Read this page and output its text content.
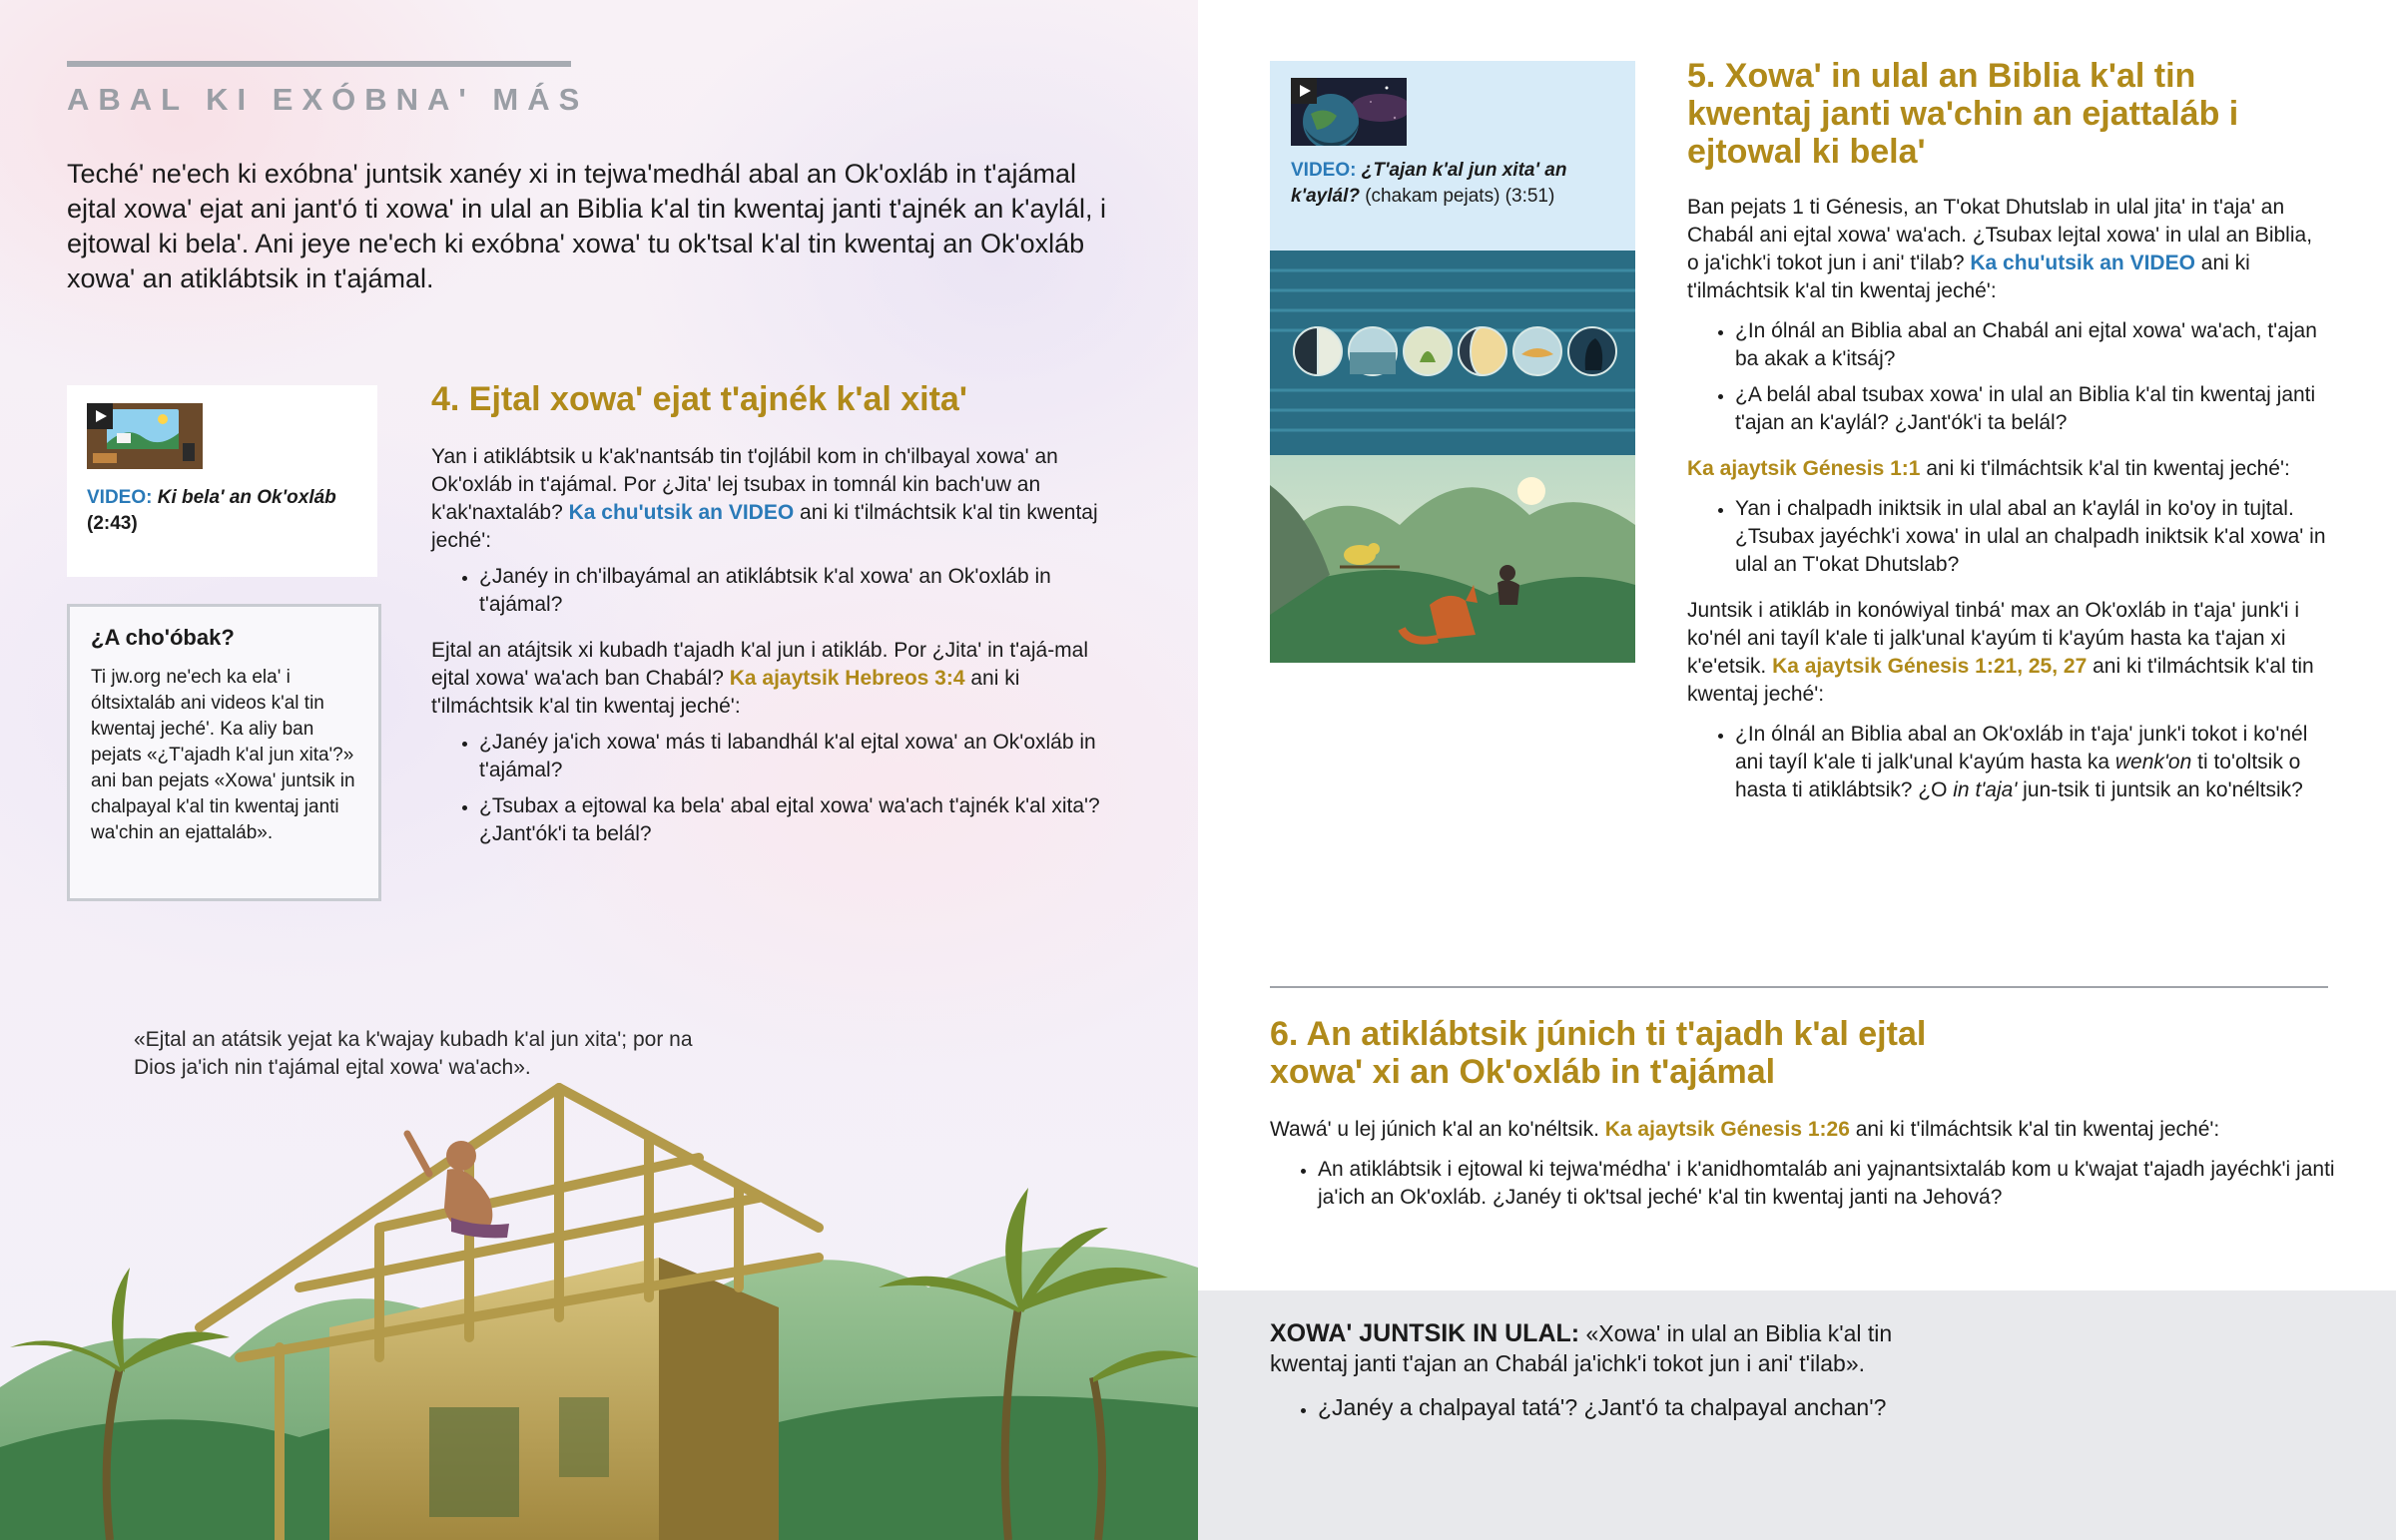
ABAL KI EXÓBNA' MÁS
Teché' ne'ech ki exóbna' juntsik xanéy xi in tejwa'medhál abal an Ok'oxláb in t'ajámal ejtal xowa' ejat ani jant'ó ti xowa' in ulal an Biblia k'al tin kwentaj janti t'ajnék an k'aylál, i ejtowal ki bela'. Ani jeye ne'ech ki exóbna' xowa' tu ok'tsal k'al tin kwentaj an Ok'oxláb xowa' an atiklábtsik in t'ajámal.
VIDEO: Ki bela' an Ok'oxláb
(2:43)
¿A cho'óbak?
Ti jw.org ne'ech ka ela' i óltsixtaláb ani videos k'al tin kwentaj jeché'. Ka aliy ban pejats «¿T'ajadh k'al jun xita'?» ani ban pejats «Xowa' juntsik in chalpayal k'al tin kwentaj janti wa'chin an ejattaláb».
4. Ejtal xowa' ejat t'ajnék k'al xita'

Yan i atiklábtsik u k'ak'nantsáb tin t'ojlábil kom in ch'ilbayal xowa' an Ok'oxláb in t'ajámal. Por ¿Jita' lej tsubax in tomnál kin bach'uw an k'ak'naxtaláb? Ka chu'utsik an VIDEO ani ki t'ilmáchtsik k'al tin kwentaj jeché':

• ¿Janéy in ch'ilbayámal an atiklábtsik k'al xowa' an Ok'oxláb in t'ajámal?

Ejtal an atájtsik xi kubadh t'ajadh k'al jun i atikláb. Por ¿Jita' in t'ajá-mal ejtal xowa' wa'ach ban Chabál? Ka ajaytsik Hebreos 3:4 ani ki t'ilmáchtsik k'al tin kwentaj jeché':

• ¿Janéy ja'ich xowa' más ti labandhál k'al ejtal xowa' an Ok'oxláb in t'ajámal?
• ¿Tsubax a ejtowal ka bela' abal ejtal xowa' wa'ach t'ajnék k'al xita'? ¿Jant'ók'i ta belál?
«Ejtal an atátsik yejat ka k'wajay kubadh k'al jun xita'; por na Dios ja'ich nin t'ajámal ejtal xowa' wa'ach».
VIDEO: ¿T'ajan k'al jun xita' an k'aylál? (chakam pejats) (3:51)
5. Xowa' in ulal an Biblia k'al tin kwentaj janti wa'chin an ejattaláb i ejtowal ki bela'

Ban pejats 1 ti Génesis, an T'okat Dhutslab in ulal jita' in t'aja' an Chabál ani ejtal xowa' wa'ach. ¿Tsubax lejtal xowa' in ulal an Biblia, o ja'ichk'i tokot jun i ani' t'ilab? Ka chu'utsik an VIDEO ani ki t'ilmáchtsik k'al tin kwentaj jeché':

• ¿In ólnál an Biblia abal an Chabál ani ejtal xowa' wa'ach, t'ajan ba akak a k'itsáj?
• ¿A belál abal tsubax xowa' in ulal an Biblia k'al tin kwentaj janti t'ajan an k'aylál? ¿Jant'ók'i ta belál?

Ka ajaytsik Génesis 1:1 ani ki t'ilmáchtsik k'al tin kwentaj jeché':

• Yan i chalpadh iniktsik in ulal abal an k'aylál in ko'oy in tujtal. ¿Tsubax jayéchk'i xowa' in ulal an chalpadh iniktsik k'al xowa' in ulal an T'okat Dhutslab?

Juntsik i atikláb in konówiyal tinbá' max an Ok'oxláb in t'aja' junk'i i ko'nél ani tayíl k'ale ti jalk'unal k'ayúm ti k'ayúm hasta ka t'ajan xi k'e'etsik. Ka ajaytsik Génesis 1:21, 25, 27 ani ki t'ilmáchtsik k'al tin kwentaj jeché':

• ¿In ólnál an Biblia abal an Ok'oxláb in t'aja' junk'i tokot i ko'nél ani tayíl k'ale ti jalk'unal k'ayúm hasta ka wenk'on ti to'oltsik o hasta ti atiklábtsik? ¿O in t'aja' jun-tsik ti juntsik an ko'néltsik?
6. An atiklábtsik júnich ti t'ajadh k'al ejtal xowa' xi an Ok'oxláb in t'ajámal

Wawá' u lej júnich k'al an ko'néltsik. Ka ajaytsik Génesis 1:26 ani ki t'ilmáchtsik k'al tin kwentaj jeché':

• An atiklábtsik i ejtowal ki tejwa'médha' i k'anidhomtaláb ani yajnantsixtaláb kom u k'wajat t'ajadh jayéchk'i janti ja'ich an Ok'oxláb. ¿Janéy ti ok'tsal jeché' k'al tin kwentaj janti na Jehová?

XOWA' JUNTSIK IN ULAL: «Xowa' in ulal an Biblia k'al tin kwentaj janti t'ajan an Chabál ja'ichk'i tokot jun i ani' t'ilab».

• ¿Janéy a chalpayal tatá'? ¿Jant'ó ta chalpayal anchan'?
